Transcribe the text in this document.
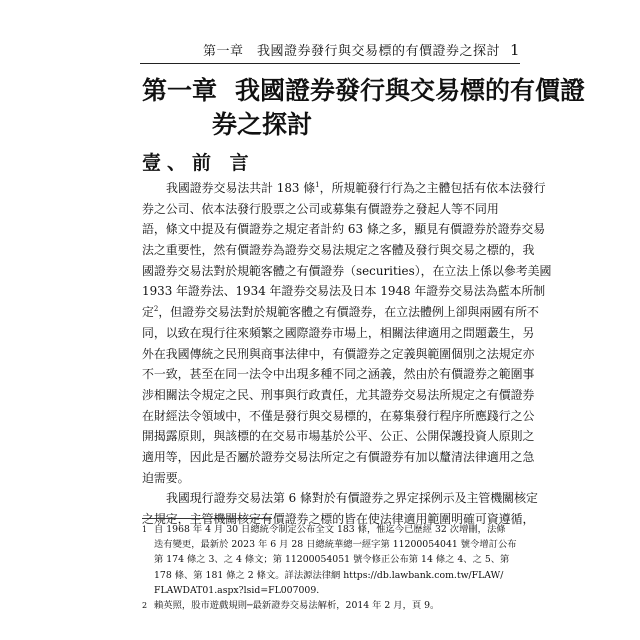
第一章　我國證券發行與交易標的有價證券之探討 1
第一章 我國證券發行與交易標的有價證
券之探討
壹、前 言
我國證券交易法共計 183 條$^1$，所規範發行行為之主體包括有依本法發行
券之公司、依本法發行股票之公司或募集有價證券之發起人等不同用
語，條文中提及有價證券之規定者計約 63 條之多，顯見有價證券於證券交易
法之重要性，然有價證券為證券交易法規定之客體及發行與交易之標的，我
國證券交易法對於規範客體之有價證券（securities），在立法上係以參考美國
1933 年證券法、1934 年證券交易法及日本 1948 年證券交易法為藍本所制
定$^2$，但證券交易法對於規範客體之有價證券，在立法體例上卻與兩國有所不
同，以致在現行往來頻繁之國際證券市場上，相關法律適用之問題叢生，另
外在我國傳統之民刑與商事法律中，有價證券之定義與範圍個別之法規定亦
不一致，甚至在同一法令中出現多種不同之涵義，然由於有價證券之範圍事
涉相關法令規定之民、刑事與行政責任，尤其證券交易法所規定之有價證券
在財經法令領域中，不僅是發行與交易標的，在募集發行程序所應踐行之公
開揭露原則，與該標的在交易市場基於公平、公正、公開保護投資人原則之
適用等，因此是否屬於證券交易法所定之有價證券有加以釐清法律適用之急
迫需要。
我國現行證券交易法第 6 條對於有價證券之界定採例示及主管機關核定
之規定，主管機關核定有價證券之標的皆在使法律適用範圍明確可資遵循，
1 自 1968 年 4 月 30 日總統令制定公布全文 183 條，惟迄今已歷經 32 次增刪，法條
迭有變更，最新於 2023 年 6 月 28 日總統華總一經字第 11200054041 號令增訂公布
第 174 條之 3、之 4 條文；第 11200054051 號令修正公布第 14 條之 4、之 5、第
178 條、第 181 條之 2 條文。詳法源法律網 https://db.lawbank.com.tw/FLAW/
FLAWDAT01.aspx?lsid=FL007009.
2 賴英照，股市遊戲規則─最新證券交易法解析，2014 年 2 月，頁 9。
